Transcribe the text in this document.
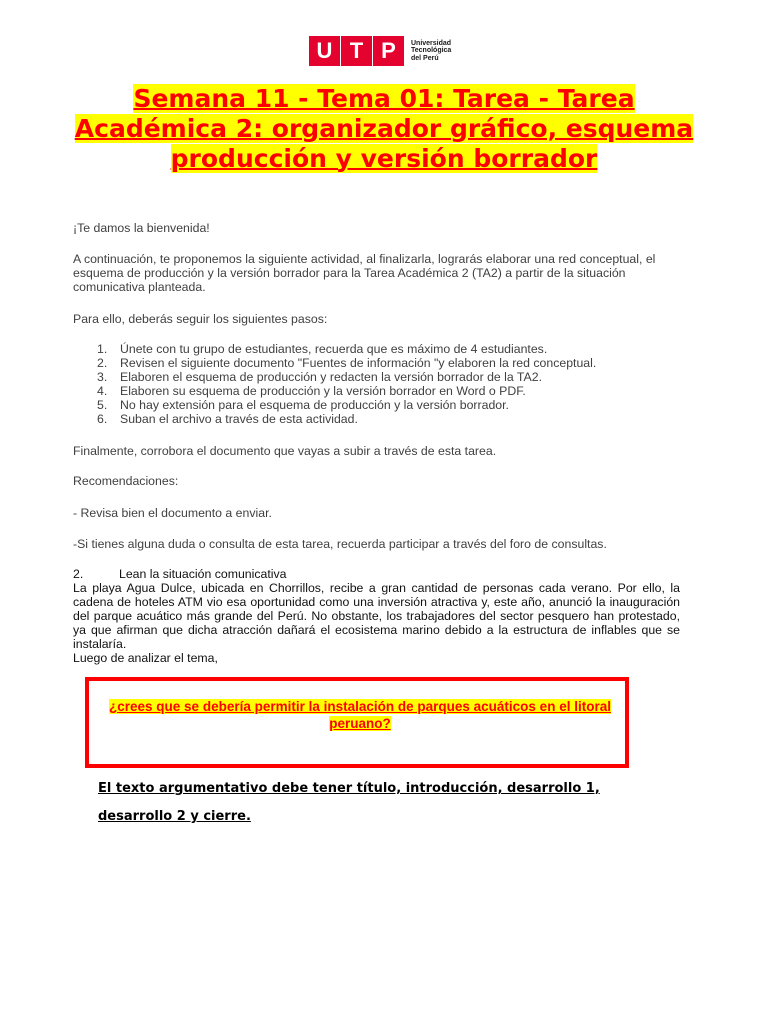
U T P	Universidad
Tecnológica
del Perú
Semana 11 - Tema 01: Tarea - Tarea Académica 2: organizador gráfico, esquema producción y versión borrador
¡Te damos la bienvenida!
A continuación, te proponemos la siguiente actividad, al finalizarla, lograrás elaborar una red conceptual, el esquema de producción y la versión borrador para la Tarea Académica 2 (TA2) a partir de la situación comunicativa planteada.
Para ello, deberás seguir los siguientes pasos:
1. Únete con tu grupo de estudiantes, recuerda que es máximo de 4 estudiantes.
2. Revisen el siguiente documento "Fuentes de información "y elaboren la red conceptual.
3. Elaboren el esquema de producción y redacten la versión borrador de la TA2.
4. Elaboren su esquema de producción y la versión borrador en Word o PDF.
5. No hay extensión para el esquema de producción y la versión borrador.
6. Suban el archivo a través de esta actividad.
Finalmente, corrobora el documento que vayas a subir a través de esta tarea.
Recomendaciones:
- Revisa bien el documento a enviar.
-Si tienes alguna duda o consulta de esta tarea, recuerda participar a través del foro de consultas.
2.	Lean la situación comunicativa
La playa Agua Dulce, ubicada en Chorrillos, recibe a gran cantidad de personas cada verano. Por ello, la cadena de hoteles ATM vio esa oportunidad como una inversión atractiva y, este año, anunció la inauguración del parque acuático más grande del Perú. No obstante, los trabajadores del sector pesquero han protestado, ya que afirman que dicha atracción dañará el ecosistema marino debido a la estructura de inflables que se instalaría.
Luego de analizar el tema,
¿crees que se debería permitir la instalación de parques acuáticos en el litoral peruano?
El texto argumentativo debe tener título, introducción, desarrollo 1,
desarrollo 2 y cierre.
